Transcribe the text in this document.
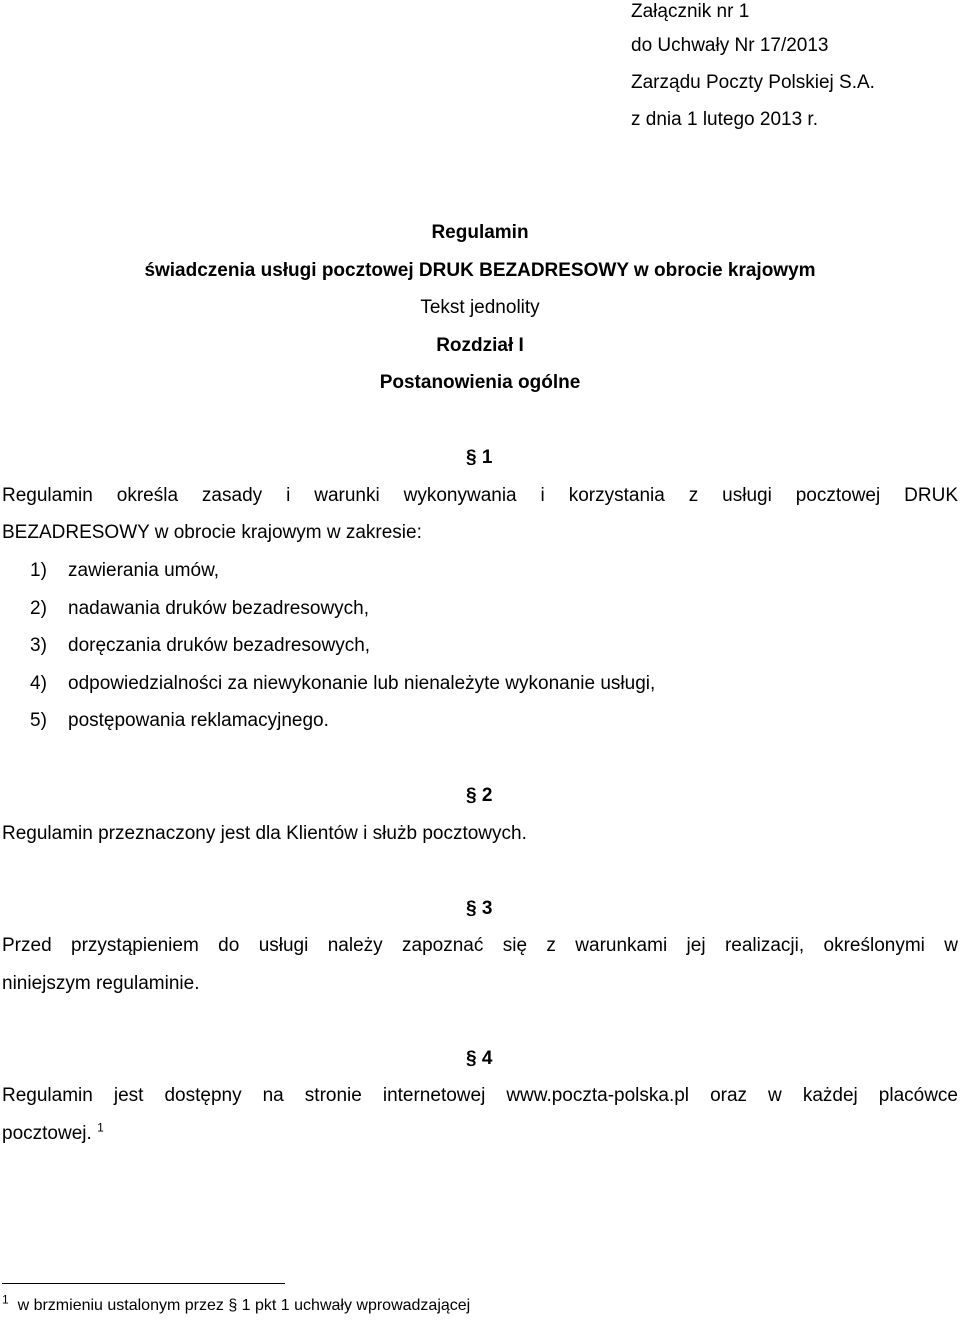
Załącznik nr 1
do Uchwały Nr 17/2013
Zarządu Poczty Polskiej S.A.
z dnia 1 lutego 2013 r.
Regulamin
świadczenia usługi pocztowej DRUK BEZADRESOWY w obrocie krajowym
Tekst jednolity
Rozdział I
Postanowienia ogólne
§ 1
Regulamin określa zasady i warunki wykonywania i korzystania z usługi pocztowej DRUK
BEZADRESOWY w obrocie krajowym w zakresie:
1) zawierania umów,
2) nadawania druków bezadresowych,
3) doręczania druków bezadresowych,
4) odpowiedzialności za niewykonanie lub nienależyte wykonanie usługi,
5) postępowania reklamacyjnego.
§ 2
Regulamin przeznaczony jest dla Klientów i służb pocztowych.
§ 3
Przed przystąpieniem do usługi należy zapoznać się z warunkami jej realizacji, określonymi w
niniejszym regulaminie.
§ 4
Regulamin jest dostępny na stronie internetowej www.poczta-polska.pl oraz w każdej placówce
pocztowej. $^1$
$^1$ w brzmieniu ustalonym przez § 1 pkt 1 uchwały wprowadzającej
